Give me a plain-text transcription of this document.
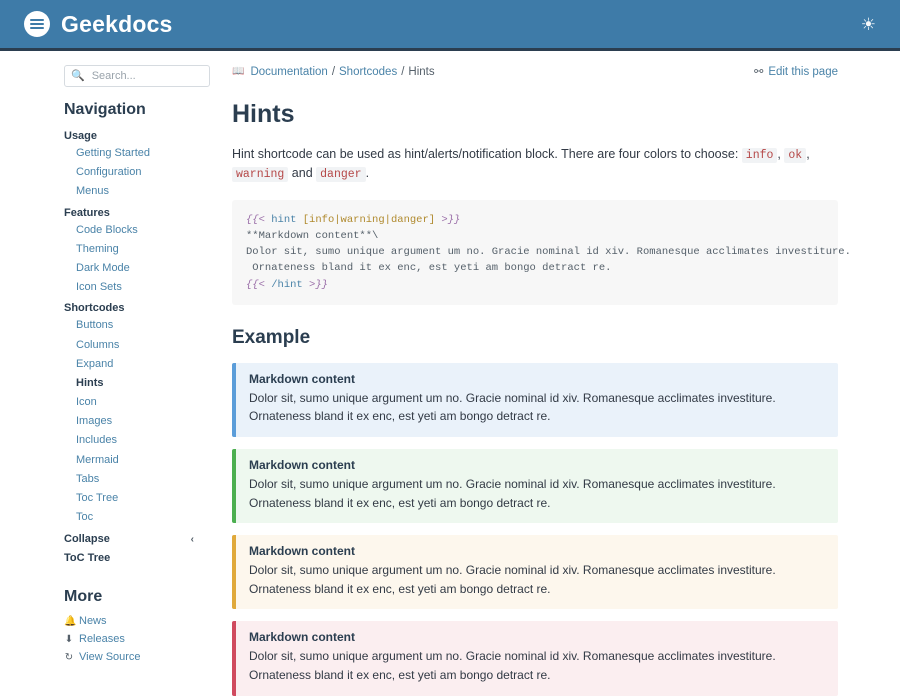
Geekdocs	☀
🔍
Search...
Navigation
Usage
Getting Started
Configuration
Menus
Features
Code Blocks
Theming
Dark Mode
Icon Sets
Shortcodes
Buttons
Columns
Expand
Hints
Icon
Images
Includes
Mermaid
Tabs
Toc Tree
Toc
Collapse	‹
ToC Tree
More
🔔 News
⬇ Releases
↻ View Source
📖 Documentation / Shortcodes / Hints	⚯ Edit this page
Hints

Hint shortcode can be used as hint/alerts/notification block. There are four colors to choose: info , ok , warning and danger .

{{< hint [info|warning|danger] >}}
**Markdown content**\
Dolor sit, sumo unique argument um no. Gracie nominal id xiv. Romanesque acclimates investiture.
Ornateness bland it ex enc, est yeti am bongo detract re.
{{< /hint >}}
Example
Markdown content
Dolor sit, sumo unique argument um no. Gracie nominal id xiv. Romanesque acclimates investiture. Ornateness bland it ex enc, est yeti am bongo detract re.
Markdown content
Dolor sit, sumo unique argument um no. Gracie nominal id xiv. Romanesque acclimates investiture. Ornateness bland it ex enc, est yeti am bongo detract re.
Markdown content
Dolor sit, sumo unique argument um no. Gracie nominal id xiv. Romanesque acclimates investiture. Ornateness bland it ex enc, est yeti am bongo detract re.
Markdown content
Dolor sit, sumo unique argument um no. Gracie nominal id xiv. Romanesque acclimates investiture. Ornateness bland it ex enc, est yeti am bongo detract re.
